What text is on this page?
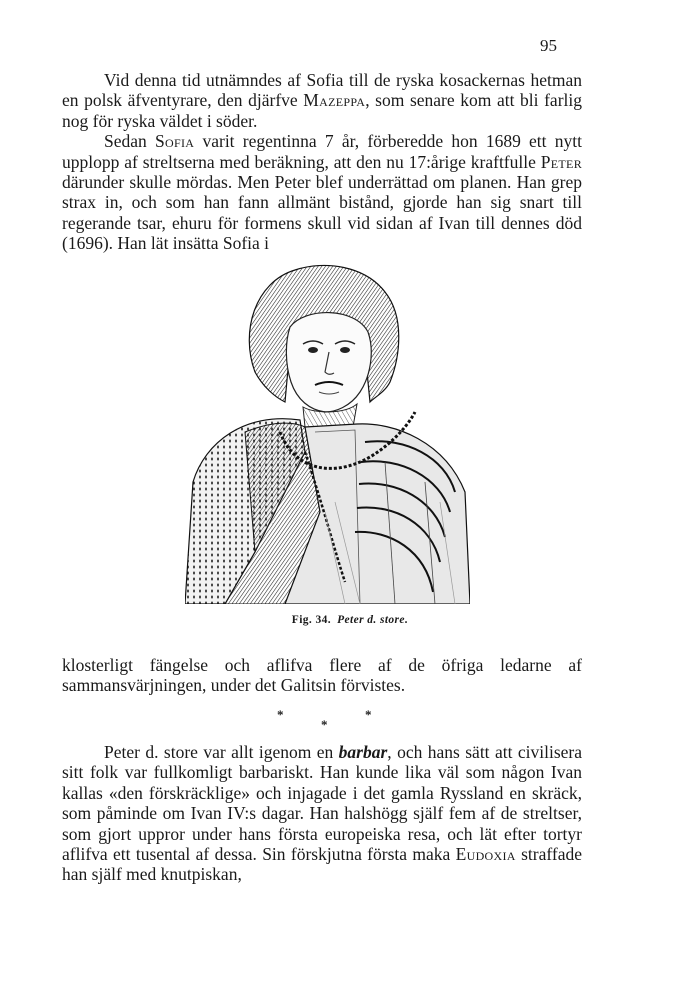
95

Vid denna tid utnämndes af Sofia till de ryska kosackernas hetman en polsk äfventyrare, den djärfve Mazeppa, som senare kom att bli farlig nog för ryska väldet i söder.

Sedan Sofia varit regentinna 7 år, förberedde hon 1689 ett nytt upplopp af streltserna med beräkning, att den nu 17:årige kraftfulle Peter därunder skulle mördas. Men Peter blef underrättad om planen. Han grep strax in, och som han fann allmänt bistånd, gjorde han sig snart till regerande tsar, ehuru för formens skull vid sidan af Ivan till dennes död (1696). Han lät insätta Sofia i

Fig. 34. Peter d. store.

klosterligt fängelse och aflifva flere af de öfriga ledarne af sammansvärjningen, under det Galitsin förvistes.

*	*
*

Peter d. store var allt igenom en barbar, och hans sätt att civilisera sitt folk var fullkomligt barbariskt. Han kunde lika väl som någon Ivan kallas «den förskräcklige» och injagade i det gamla Ryssland en skräck, som påminde om Ivan IV:s dagar. Han halshögg själf fem af de streltser, som gjort uppror under hans första europeiska resa, och lät efter tortyr aflifva ett tusental af dessa. Sin förskjutna första maka Eudoxia straffade han själf med knutpiskan,
